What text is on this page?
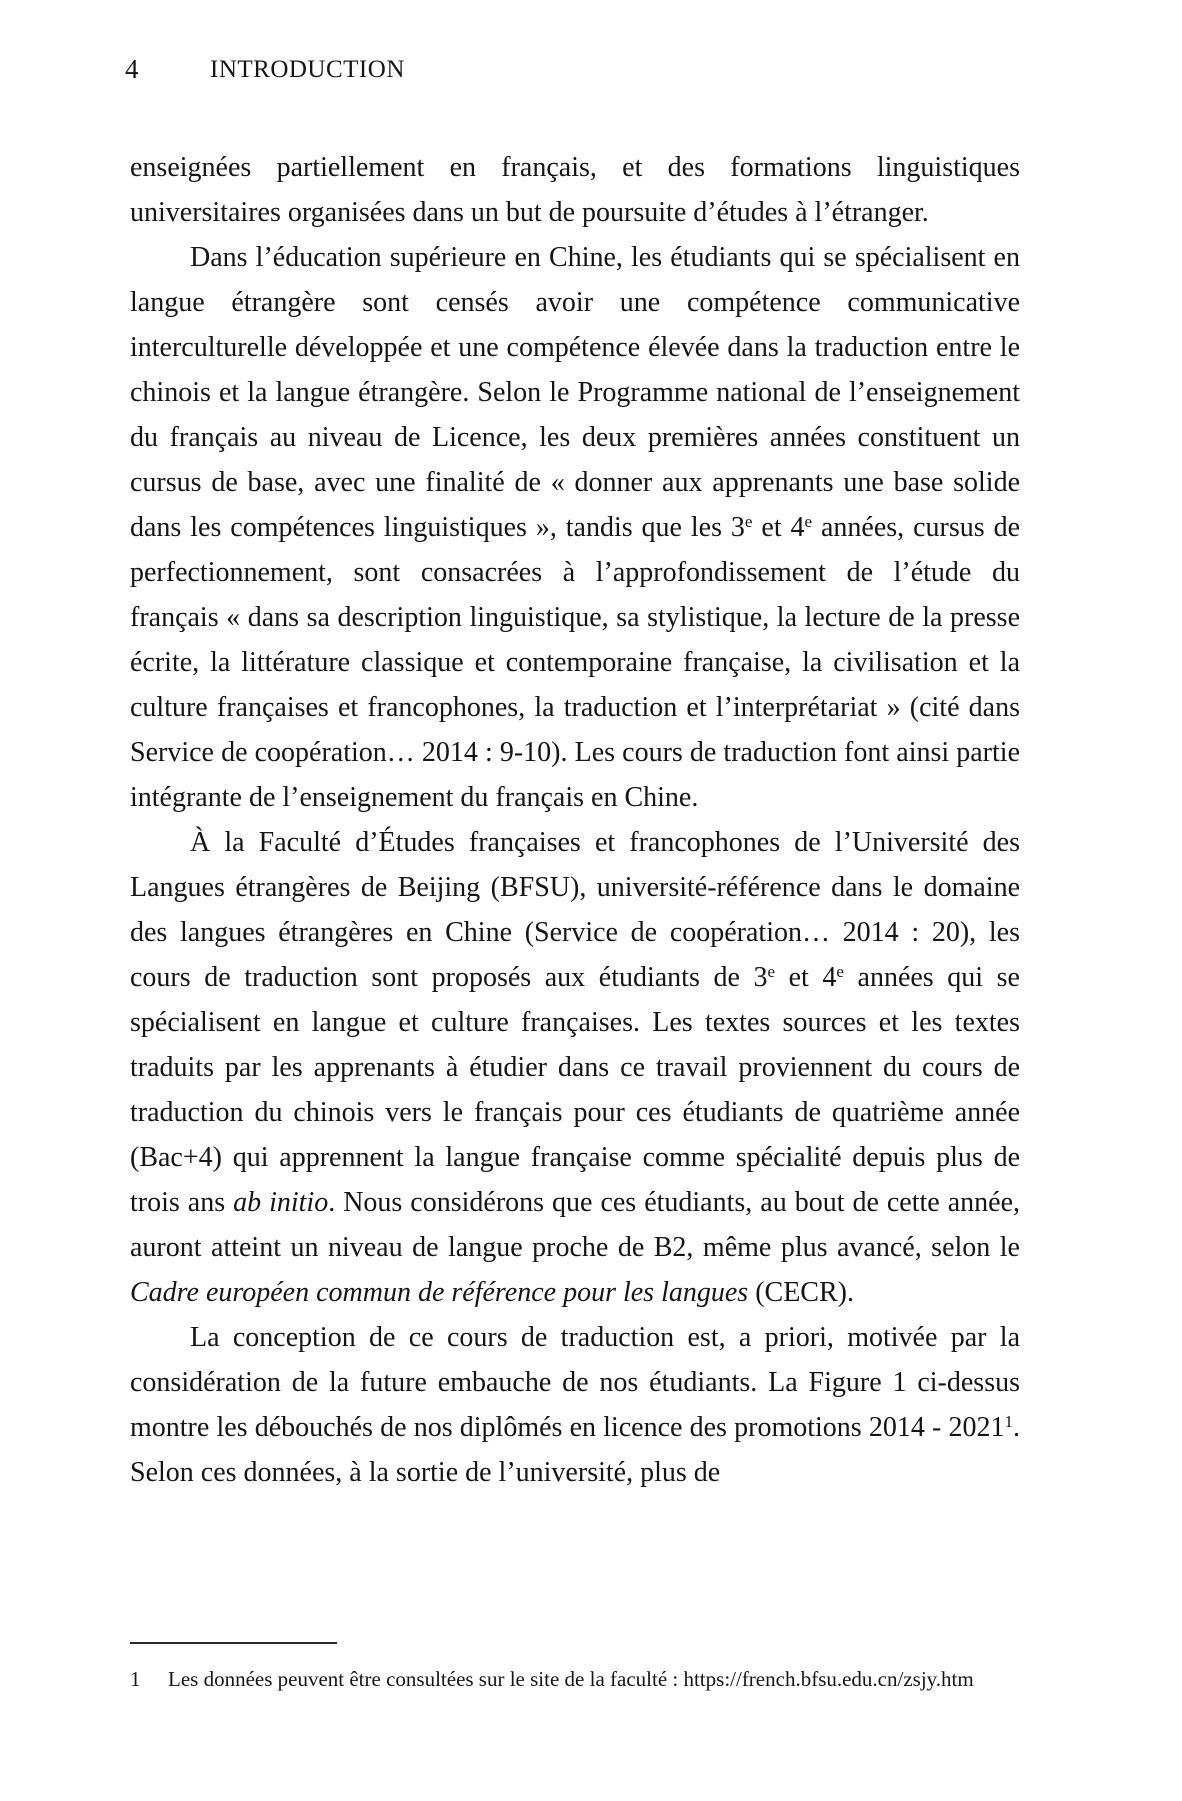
4	INTRODUCTION

enseignées partiellement en français, et des formations linguistiques universitaires organisées dans un but de poursuite d’études à l’étranger.

Dans l’éducation supérieure en Chine, les étudiants qui se spécialisent en langue étrangère sont censés avoir une compétence communicative interculturelle développée et une compétence élevée dans la traduction entre le chinois et la langue étrangère. Selon le Programme national de l’enseignement du français au niveau de Licence, les deux premières années constituent un cursus de base, avec une finalité de « donner aux apprenants une base solide dans les compétences linguistiques », tandis que les 3e et 4e années, cursus de perfectionnement, sont consacrées à l’approfondissement de l’étude du français « dans sa description linguistique, sa stylistique, la lecture de la presse écrite, la littérature classique et contemporaine française, la civilisation et la culture françaises et francophones, la traduction et l’interprétariat » (cité dans Service de coopération… 2014 : 9-10). Les cours de traduction font ainsi partie intégrante de l’enseignement du français en Chine.

À la Faculté d’Études françaises et francophones de l’Université des Langues étrangères de Beijing (BFSU), université-référence dans le domaine des langues étrangères en Chine (Service de coopération… 2014 : 20), les cours de traduction sont proposés aux étudiants de 3e et 4e années qui se spécialisent en langue et culture françaises. Les textes sources et les textes traduits par les apprenants à étudier dans ce travail proviennent du cours de traduction du chinois vers le français pour ces étudiants de quatrième année (Bac+4) qui apprennent la langue française comme spécialité depuis plus de trois ans ab initio. Nous considérons que ces étudiants, au bout de cette année, auront atteint un niveau de langue proche de B2, même plus avancé, selon le Cadre européen commun de référence pour les langues (CECR).

La conception de ce cours de traduction est, a priori, motivée par la considération de la future embauche de nos étudiants. La Figure 1 ci-dessus montre les débouchés de nos diplômés en licence des promotions 2014 - 2021$^1$. Selon ces données, à la sortie de l’université, plus de

1 Les données peuvent être consultées sur le site de la faculté : https://french.bfsu.edu.cn/zsjy.htm
